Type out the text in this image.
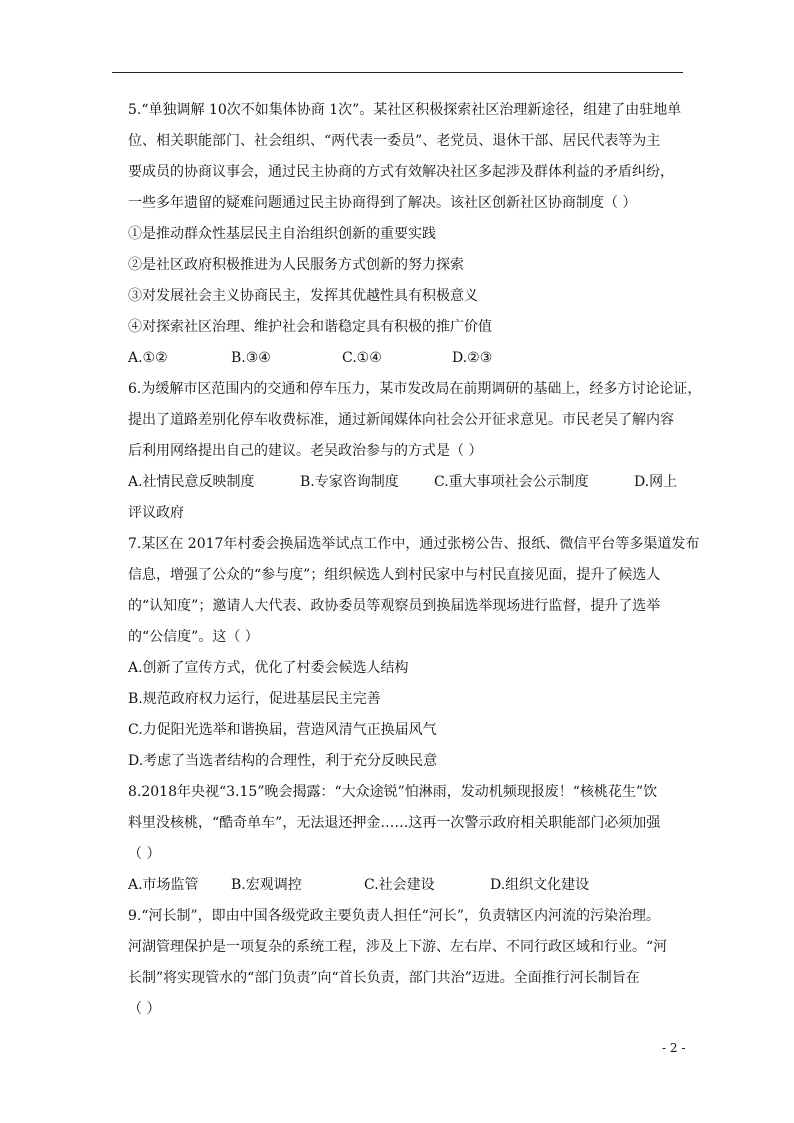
5.“单独调解 10次不如集体协商 1次”。某社区积极探索社区治理新途径，组建了由驻地单
位、相关职能部门、社会组织、“两代表一委员”、老党员、退休干部、居民代表等为主
要成员的协商议事会，通过民主协商的方式有效解决社区多起涉及群体利益的矛盾纠纷，
一些多年遗留的疑难问题通过民主协商得到了解决。该社区创新社区协商制度（ ）
①是推动群众性基层民主自治组织创新的重要实践
②是社区政府积极推进为人民服务方式创新的努力探索
③对发展社会主义协商民主，发挥其优越性具有积极意义
④对探索社区治理、维护社会和谐稳定具有积极的推广价值
A.①②	B.③④	C.①④	D.②③
6.为缓解市区范围内的交通和停车压力，某市发改局在前期调研的基础上，经多方讨论论证，
提出了道路差别化停车收费标准，通过新闻媒体向社会公开征求意见。市民老吴了解内容
后利用网络提出自己的建议。老吴政治参与的方式是（ ）
A.社情民意反映制度	B.专家咨询制度	C.重大事项社会公示制度	D.网上
评议政府
7.某区在 2017年村委会换届选举试点工作中，通过张榜公告、报纸、微信平台等多渠道发布
信息，增强了公众的“参与度”；组织候选人到村民家中与村民直接见面，提升了候选人
的“认知度”；邀请人大代表、政协委员等观察员到换届选举现场进行监督，提升了选举
的“公信度”。这（ ）
A.创新了宣传方式，优化了村委会候选人结构
B.规范政府权力运行，促进基层民主完善
C.力促阳光选举和谐换届，营造风清气正换届风气
D.考虑了当选者结构的合理性，利于充分反映民意
8.2018年央视“3.15”晚会揭露：“大众途锐”怕淋雨，发动机频现报废！“核桃花生”饮
料里没核桃，“酷奇单车”，无法退还押金……这再一次警示政府相关职能部门必须加强
（ ）
A.市场监管 B.宏观调控	C.社会建设	D.组织文化建设
9.“河长制”，即由中国各级党政主要负责人担任“河长”，负责辖区内河流的污染治理。
河湖管理保护是一项复杂的系统工程，涉及上下游、左右岸、不同行政区域和行业。“河
长制”将实现管水的“部门负责”向“首长负责，部门共治”迈进。全面推行河长制旨在
（ ）
- 2 -
